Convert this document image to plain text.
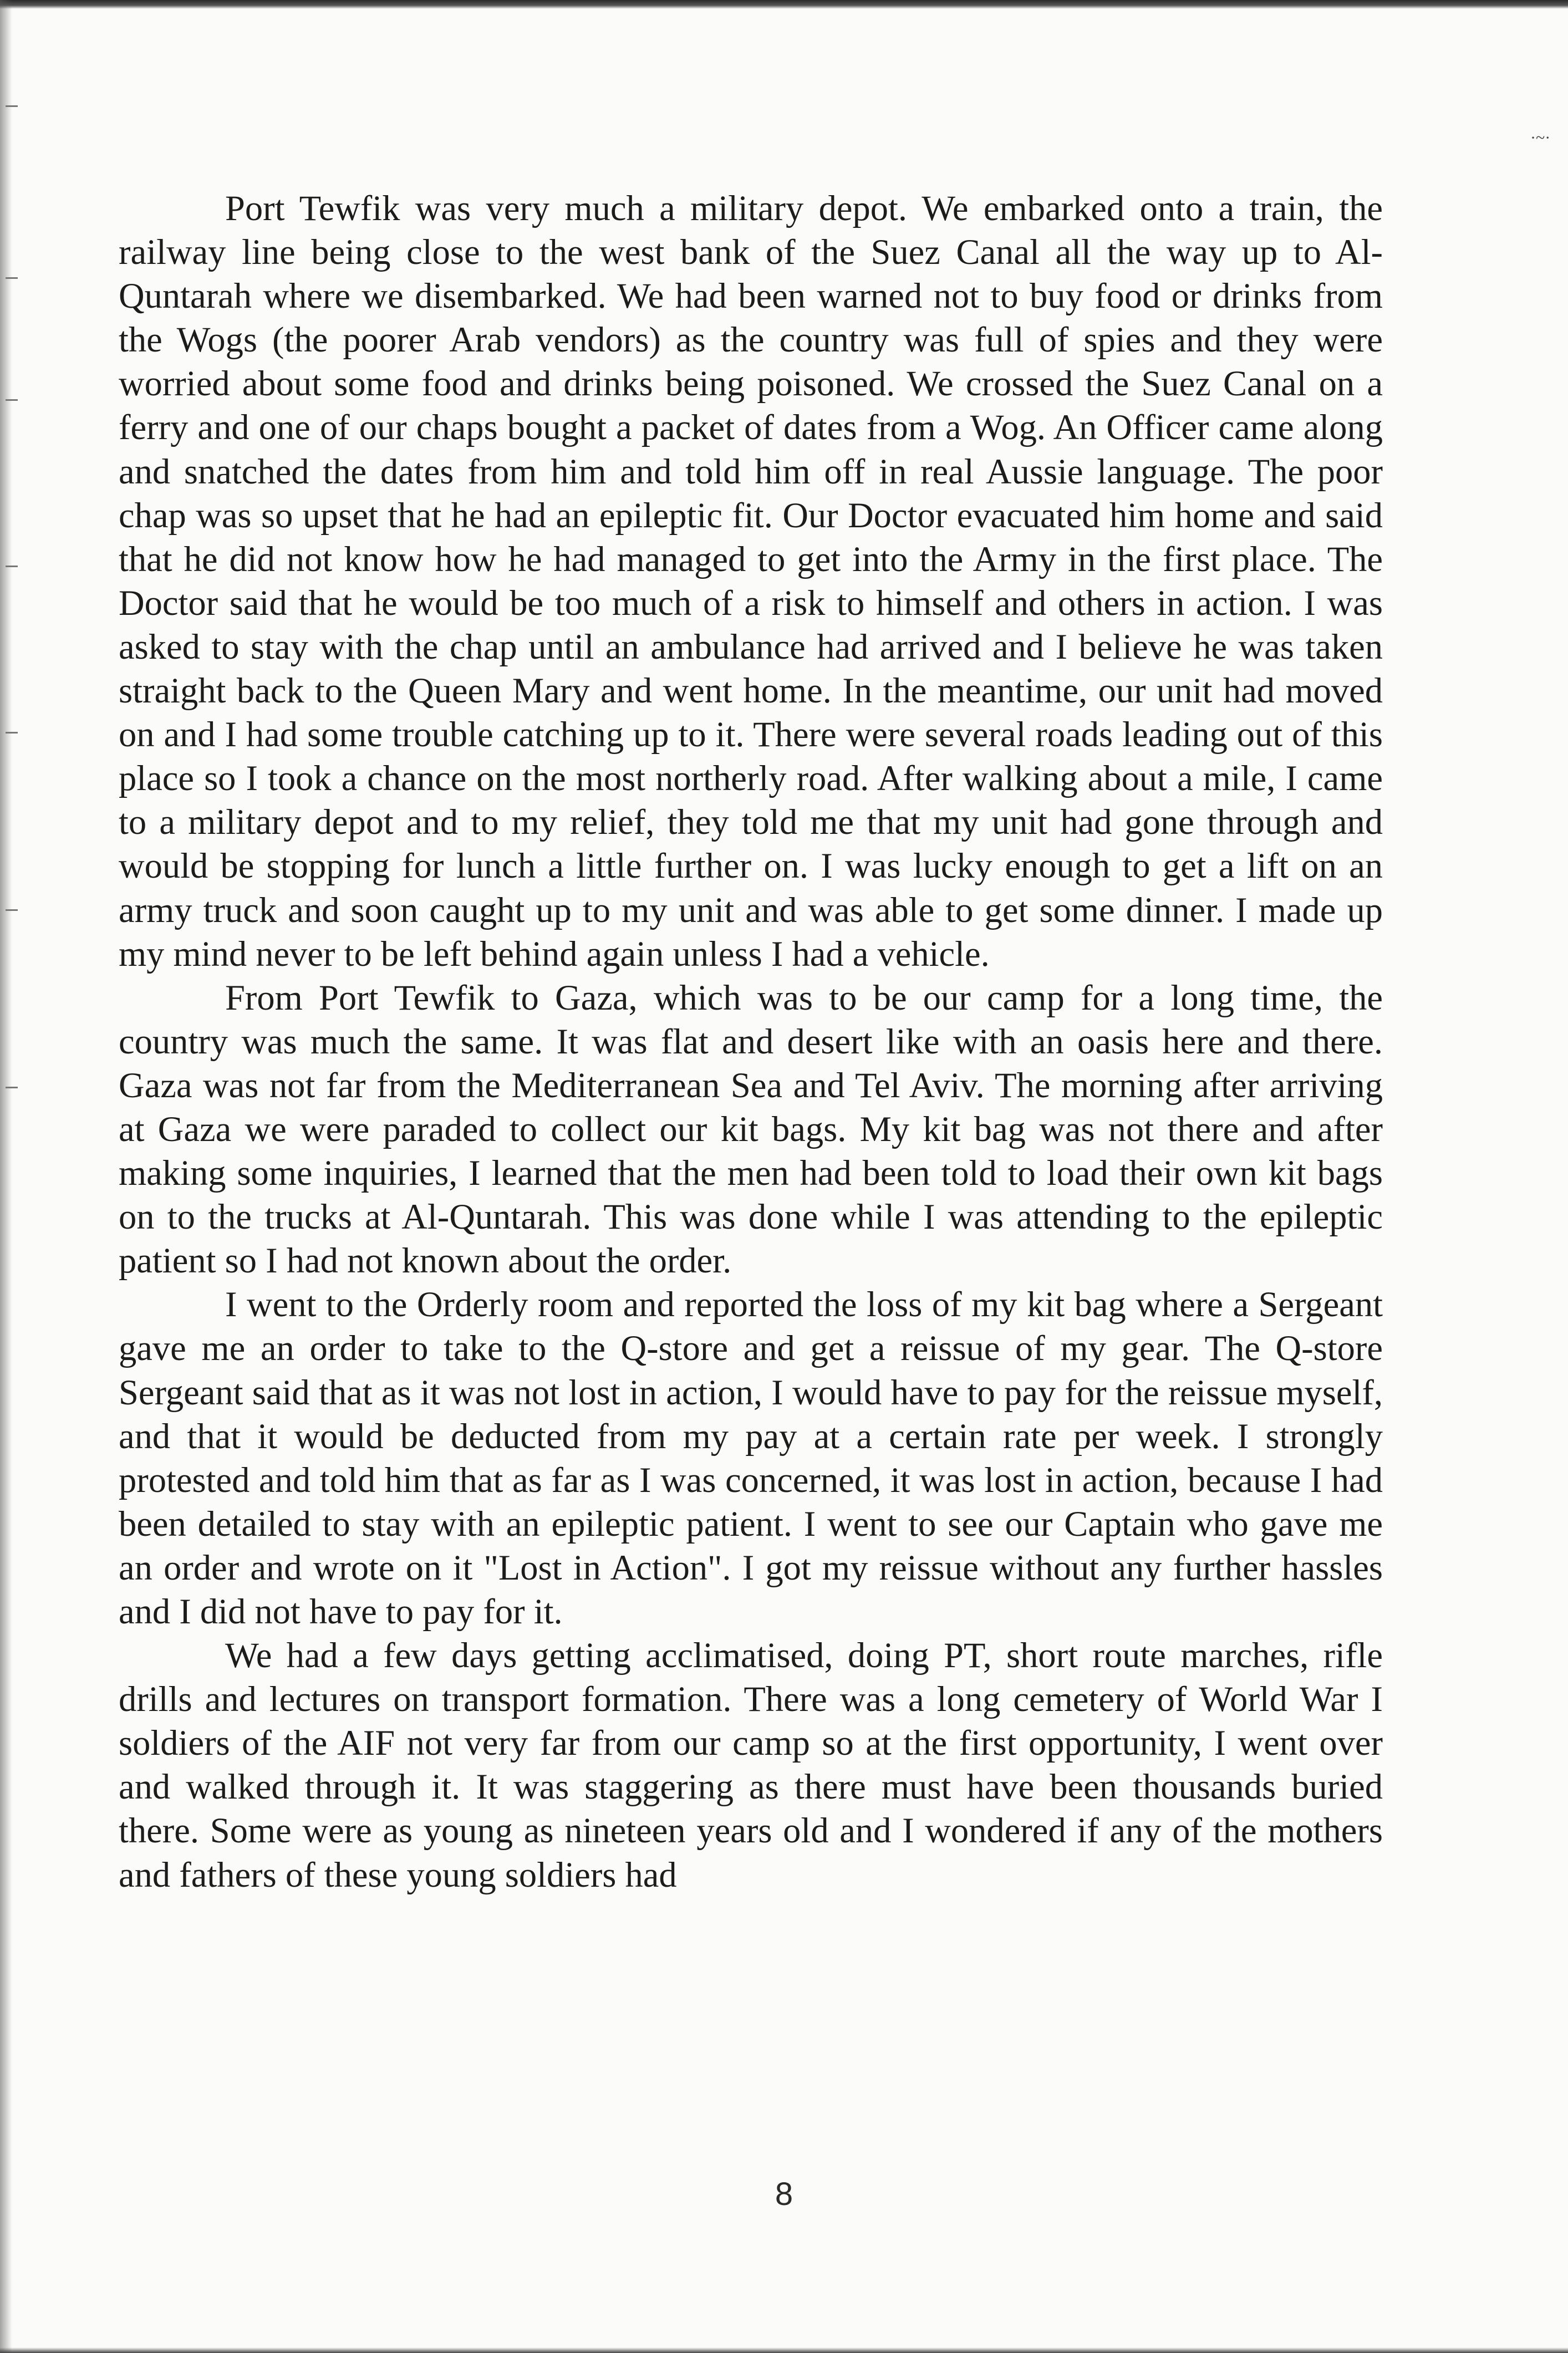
·~·

Port Tewfik was very much a military depot. We embarked onto a train, the railway line being close to the west bank of the Suez Canal all the way up to Al-Quntarah where we disembarked. We had been warned not to buy food or drinks from the Wogs (the poorer Arab vendors) as the country was full of spies and they were worried about some food and drinks being poisoned. We crossed the Suez Canal on a ferry and one of our chaps bought a packet of dates from a Wog. An Officer came along and snatched the dates from him and told him off in real Aussie language. The poor chap was so upset that he had an epileptic fit. Our Doctor evacuated him home and said that he did not know how he had managed to get into the Army in the first place. The Doctor said that he would be too much of a risk to himself and others in action. I was asked to stay with the chap until an ambulance had arrived and I believe he was taken straight back to the Queen Mary and went home. In the meantime, our unit had moved on and I had some trouble catching up to it. There were several roads leading out of this place so I took a chance on the most northerly road. After walking about a mile, I came to a military depot and to my relief, they told me that my unit had gone through and would be stopping for lunch a little further on. I was lucky enough to get a lift on an army truck and soon caught up to my unit and was able to get some dinner. I made up my mind never to be left behind again unless I had a vehicle.

From Port Tewfik to Gaza, which was to be our camp for a long time, the country was much the same. It was flat and desert like with an oasis here and there. Gaza was not far from the Mediterranean Sea and Tel Aviv. The morning after arriving at Gaza we were paraded to collect our kit bags. My kit bag was not there and after making some inquiries, I learned that the men had been told to load their own kit bags on to the trucks at Al-Quntarah. This was done while I was attending to the epileptic patient so I had not known about the order.

I went to the Orderly room and reported the loss of my kit bag where a Sergeant gave me an order to take to the Q-store and get a reissue of my gear. The Q-store Sergeant said that as it was not lost in action, I would have to pay for the reissue myself, and that it would be deducted from my pay at a certain rate per week. I strongly protested and told him that as far as I was concerned, it was lost in action, because I had been detailed to stay with an epileptic patient. I went to see our Captain who gave me an order and wrote on it "Lost in Action". I got my reissue without any further hassles and I did not have to pay for it.

We had a few days getting acclimatised, doing PT, short route marches, rifle drills and lectures on transport formation. There was a long cemetery of World War I soldiers of the AIF not very far from our camp so at the first opportunity, I went over and walked through it. It was staggering as there must have been thousands buried there. Some were as young as nineteen years old and I wondered if any of the mothers and fathers of these young soldiers had

8
